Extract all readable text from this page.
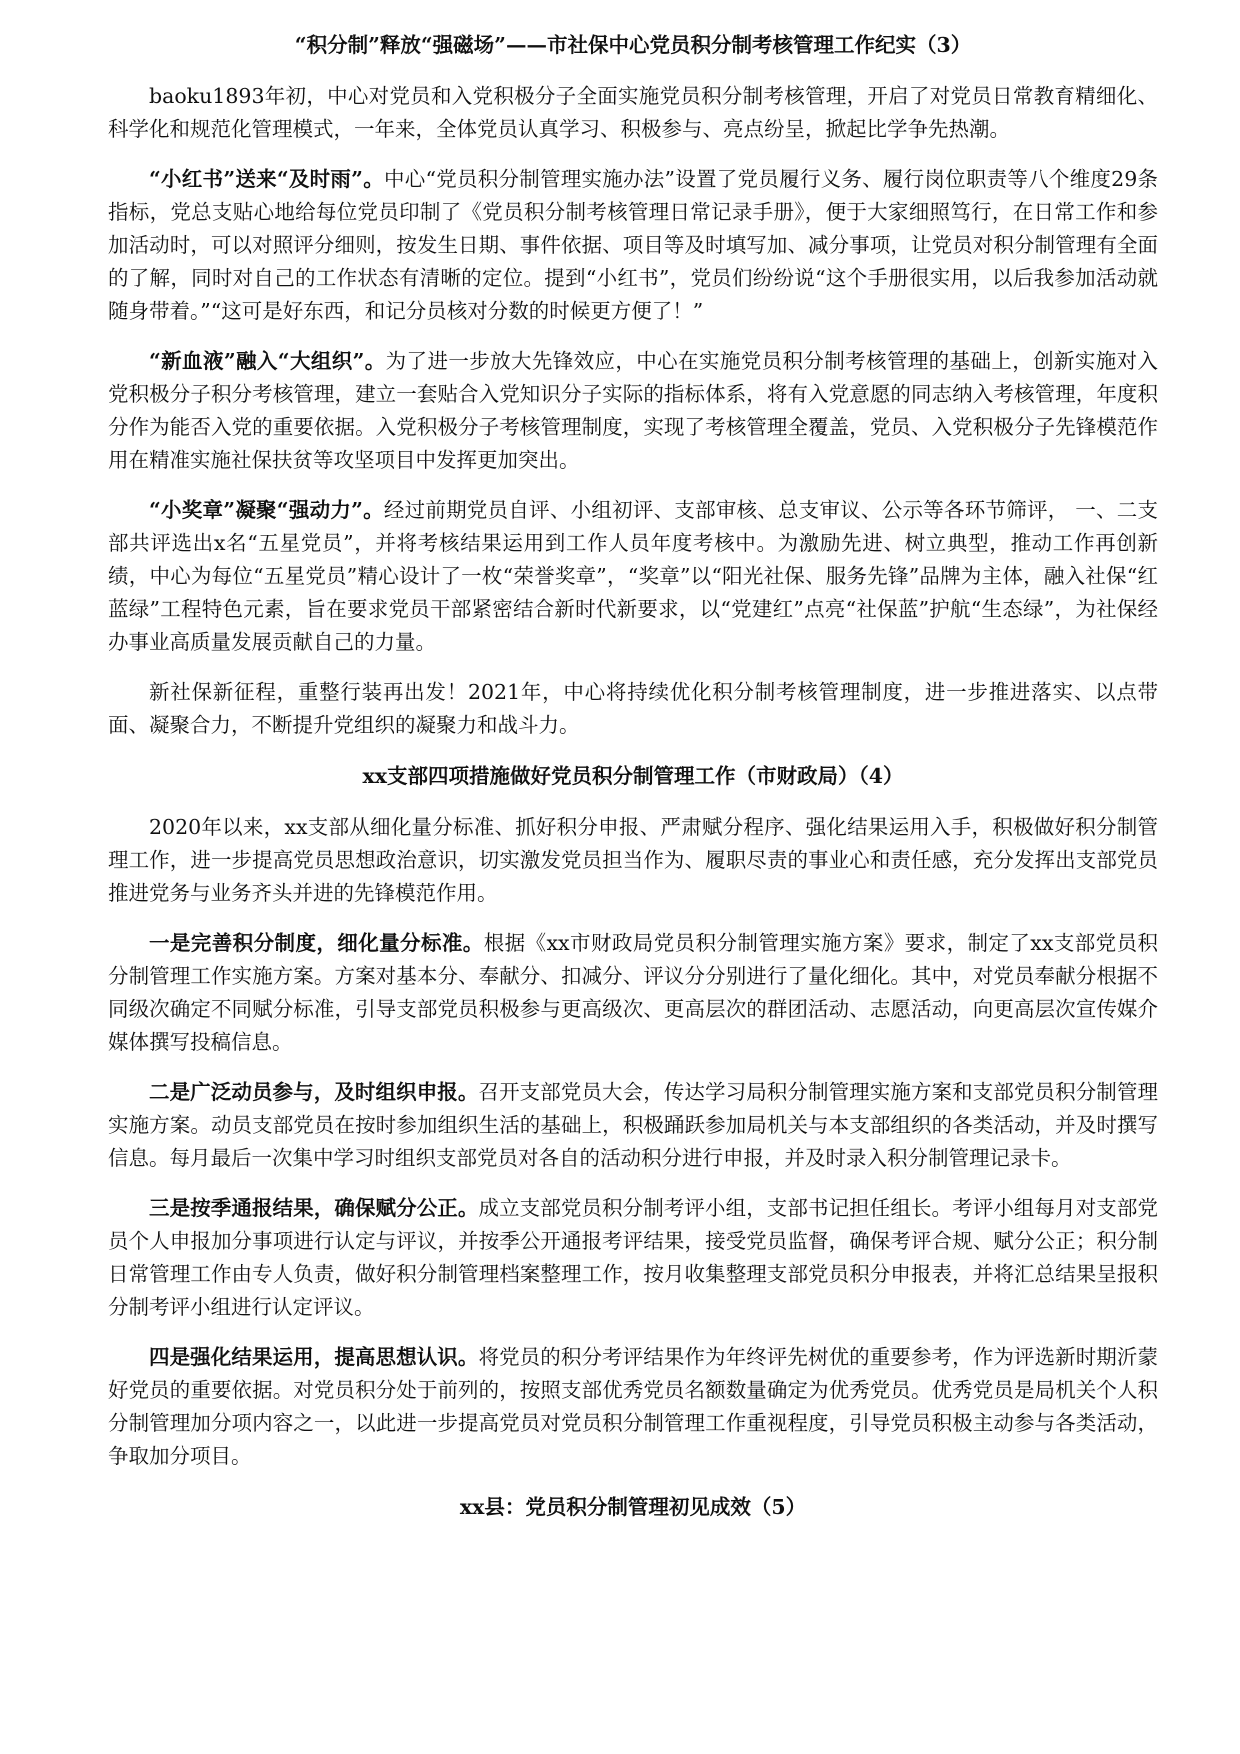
“积分制”释放“强磁场”——市社保中心党员积分制考核管理工作纪实（3）

baoku1893年初，中心对党员和入党积极分子全面实施党员积分制考核管理，开启了对党员日常教育精细化、科学化和规范化管理模式，一年来，全体党员认真学习、积极参与、亮点纷呈，掀起比学争先热潮。

“小红书”送来“及时雨”。中心“党员积分制管理实施办法”设置了党员履行义务、履行岗位职责等八个维度29条指标，党总支贴心地给每位党员印制了《党员积分制考核管理日常记录手册》，便于大家细照笃行，在日常工作和参加活动时，可以对照评分细则，按发生日期、事件依据、项目等及时填写加、减分事项，让党员对积分制管理有全面的了解，同时对自己的工作状态有清晰的定位。提到“小红书”，党员们纷纷说“这个手册很实用，以后我参加活动就随身带着。”“这可是好东西，和记分员核对分数的时候更方便了！”

“新血液”融入“大组织”。为了进一步放大先锋效应，中心在实施党员积分制考核管理的基础上，创新实施对入党积极分子积分考核管理，建立一套贴合入党知识分子实际的指标体系，将有入党意愿的同志纳入考核管理，年度积分作为能否入党的重要依据。入党积极分子考核管理制度，实现了考核管理全覆盖，党员、入党积极分子先锋模范作用在精准实施社保扶贫等攻坚项目中发挥更加突出。

“小奖章”凝聚“强动力”。经过前期党员自评、小组初评、支部审核、总支审议、公示等各环节筛评， 一、二支部共评选出x名“五星党员”，并将考核结果运用到工作人员年度考核中。为激励先进、树立典型，推动工作再创新绩，中心为每位“五星党员”精心设计了一枚“荣誉奖章”，“奖章”以“阳光社保、服务先锋”品牌为主体，融入社保“红蓝绿”工程特色元素，旨在要求党员干部紧密结合新时代新要求，以“党建红”点亮“社保蓝”护航“生态绿”，为社保经办事业高质量发展贡献自己的力量。

新社保新征程，重整行装再出发！2021年，中心将持续优化积分制考核管理制度，进一步推进落实、以点带面、凝聚合力，不断提升党组织的凝聚力和战斗力。

xx支部四项措施做好党员积分制管理工作（市财政局）（4）

2020年以来，xx支部从细化量分标准、抓好积分申报、严肃赋分程序、强化结果运用入手，积极做好积分制管理工作，进一步提高党员思想政治意识，切实激发党员担当作为、履职尽责的事业心和责任感，充分发挥出支部党员推进党务与业务齐头并进的先锋模范作用。

一是完善积分制度，细化量分标准。根据《xx市财政局党员积分制管理实施方案》要求，制定了xx支部党员积分制管理工作实施方案。方案对基本分、奉献分、扣减分、评议分分别进行了量化细化。其中，对党员奉献分根据不同级次确定不同赋分标准，引导支部党员积极参与更高级次、更高层次的群团活动、志愿活动，向更高层次宣传媒介媒体撰写投稿信息。

二是广泛动员参与，及时组织申报。召开支部党员大会，传达学习局积分制管理实施方案和支部党员积分制管理实施方案。动员支部党员在按时参加组织生活的基础上，积极踊跃参加局机关与本支部组织的各类活动，并及时撰写信息。每月最后一次集中学习时组织支部党员对各自的活动积分进行申报，并及时录入积分制管理记录卡。

三是按季通报结果，确保赋分公正。成立支部党员积分制考评小组，支部书记担任组长。考评小组每月对支部党员个人申报加分事项进行认定与评议，并按季公开通报考评结果，接受党员监督，确保考评合规、赋分公正；积分制日常管理工作由专人负责，做好积分制管理档案整理工作，按月收集整理支部党员积分申报表，并将汇总结果呈报积分制考评小组进行认定评议。

四是强化结果运用，提高思想认识。将党员的积分考评结果作为年终评先树优的重要参考，作为评选新时期沂蒙好党员的重要依据。对党员积分处于前列的，按照支部优秀党员名额数量确定为优秀党员。优秀党员是局机关个人积分制管理加分项内容之一，以此进一步提高党员对党员积分制管理工作重视程度，引导党员积极主动参与各类活动，争取加分项目。

xx县：党员积分制管理初见成效（5）
